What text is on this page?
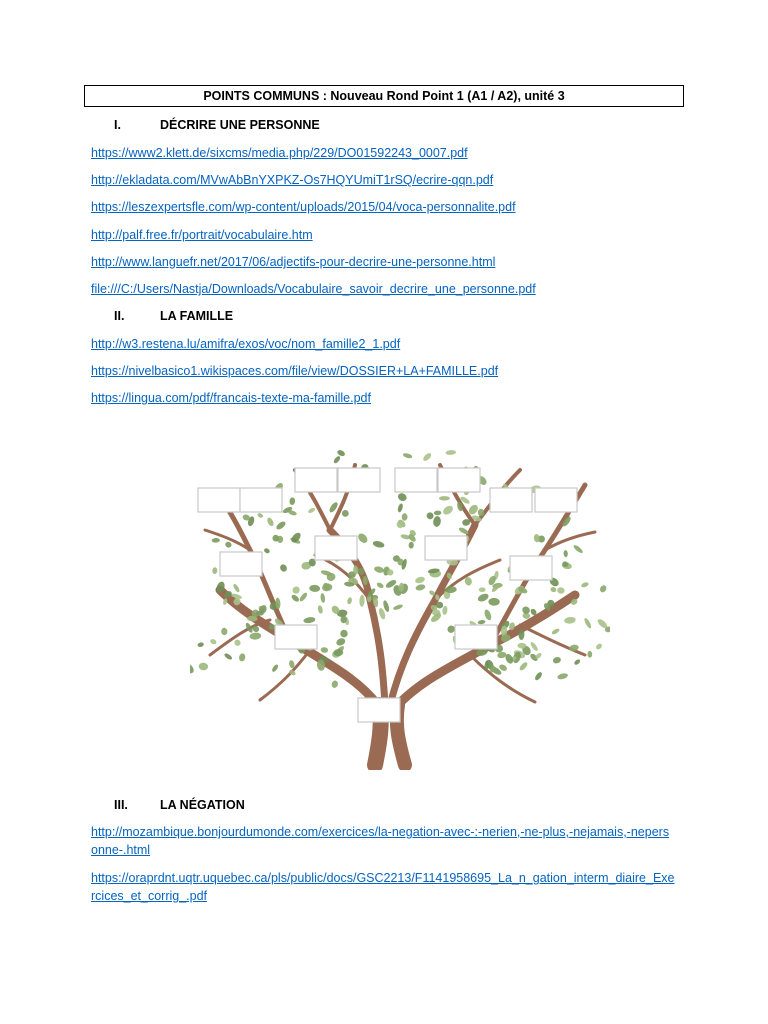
POINTS COMMUNS : Nouveau Rond Point 1 (A1 / A2), unité 3
I.	DÉCRIRE UNE PERSONNE
https://www2.klett.de/sixcms/media.php/229/DO01592243_0007.pdf
http://ekladata.com/MVwAbBnYXPKZ-Os7HQYUmiT1rSQ/ecrire-qqn.pdf
https://leszexpertsfle.com/wp-content/uploads/2015/04/voca-personnalite.pdf
http://palf.free.fr/portrait/vocabulaire.htm
http://www.languefr.net/2017/06/adjectifs-pour-decrire-une-personne.html
file:///C:/Users/Nastja/Downloads/Vocabulaire_savoir_decrire_une_personne.pdf
II.	LA FAMILLE
http://w3.restena.lu/amifra/exos/voc/nom_famille2_1.pdf
https://nivelbasico1.wikispaces.com/file/view/DOSSIER+LA+FAMILLE.pdf
https://lingua.com/pdf/francais-texte-ma-famille.pdf
III.	LA NÉGATION
http://mozambique.bonjourdumonde.com/exercices/la-negation-avec-:-nerien,-ne-plus,-nejamais,-nepersonne-.html
https://oraprdnt.uqtr.uquebec.ca/pls/public/docs/GSC2213/F1141958695_La_n_gation_interm_diaire_Exercices_et_corrig_.pdf
